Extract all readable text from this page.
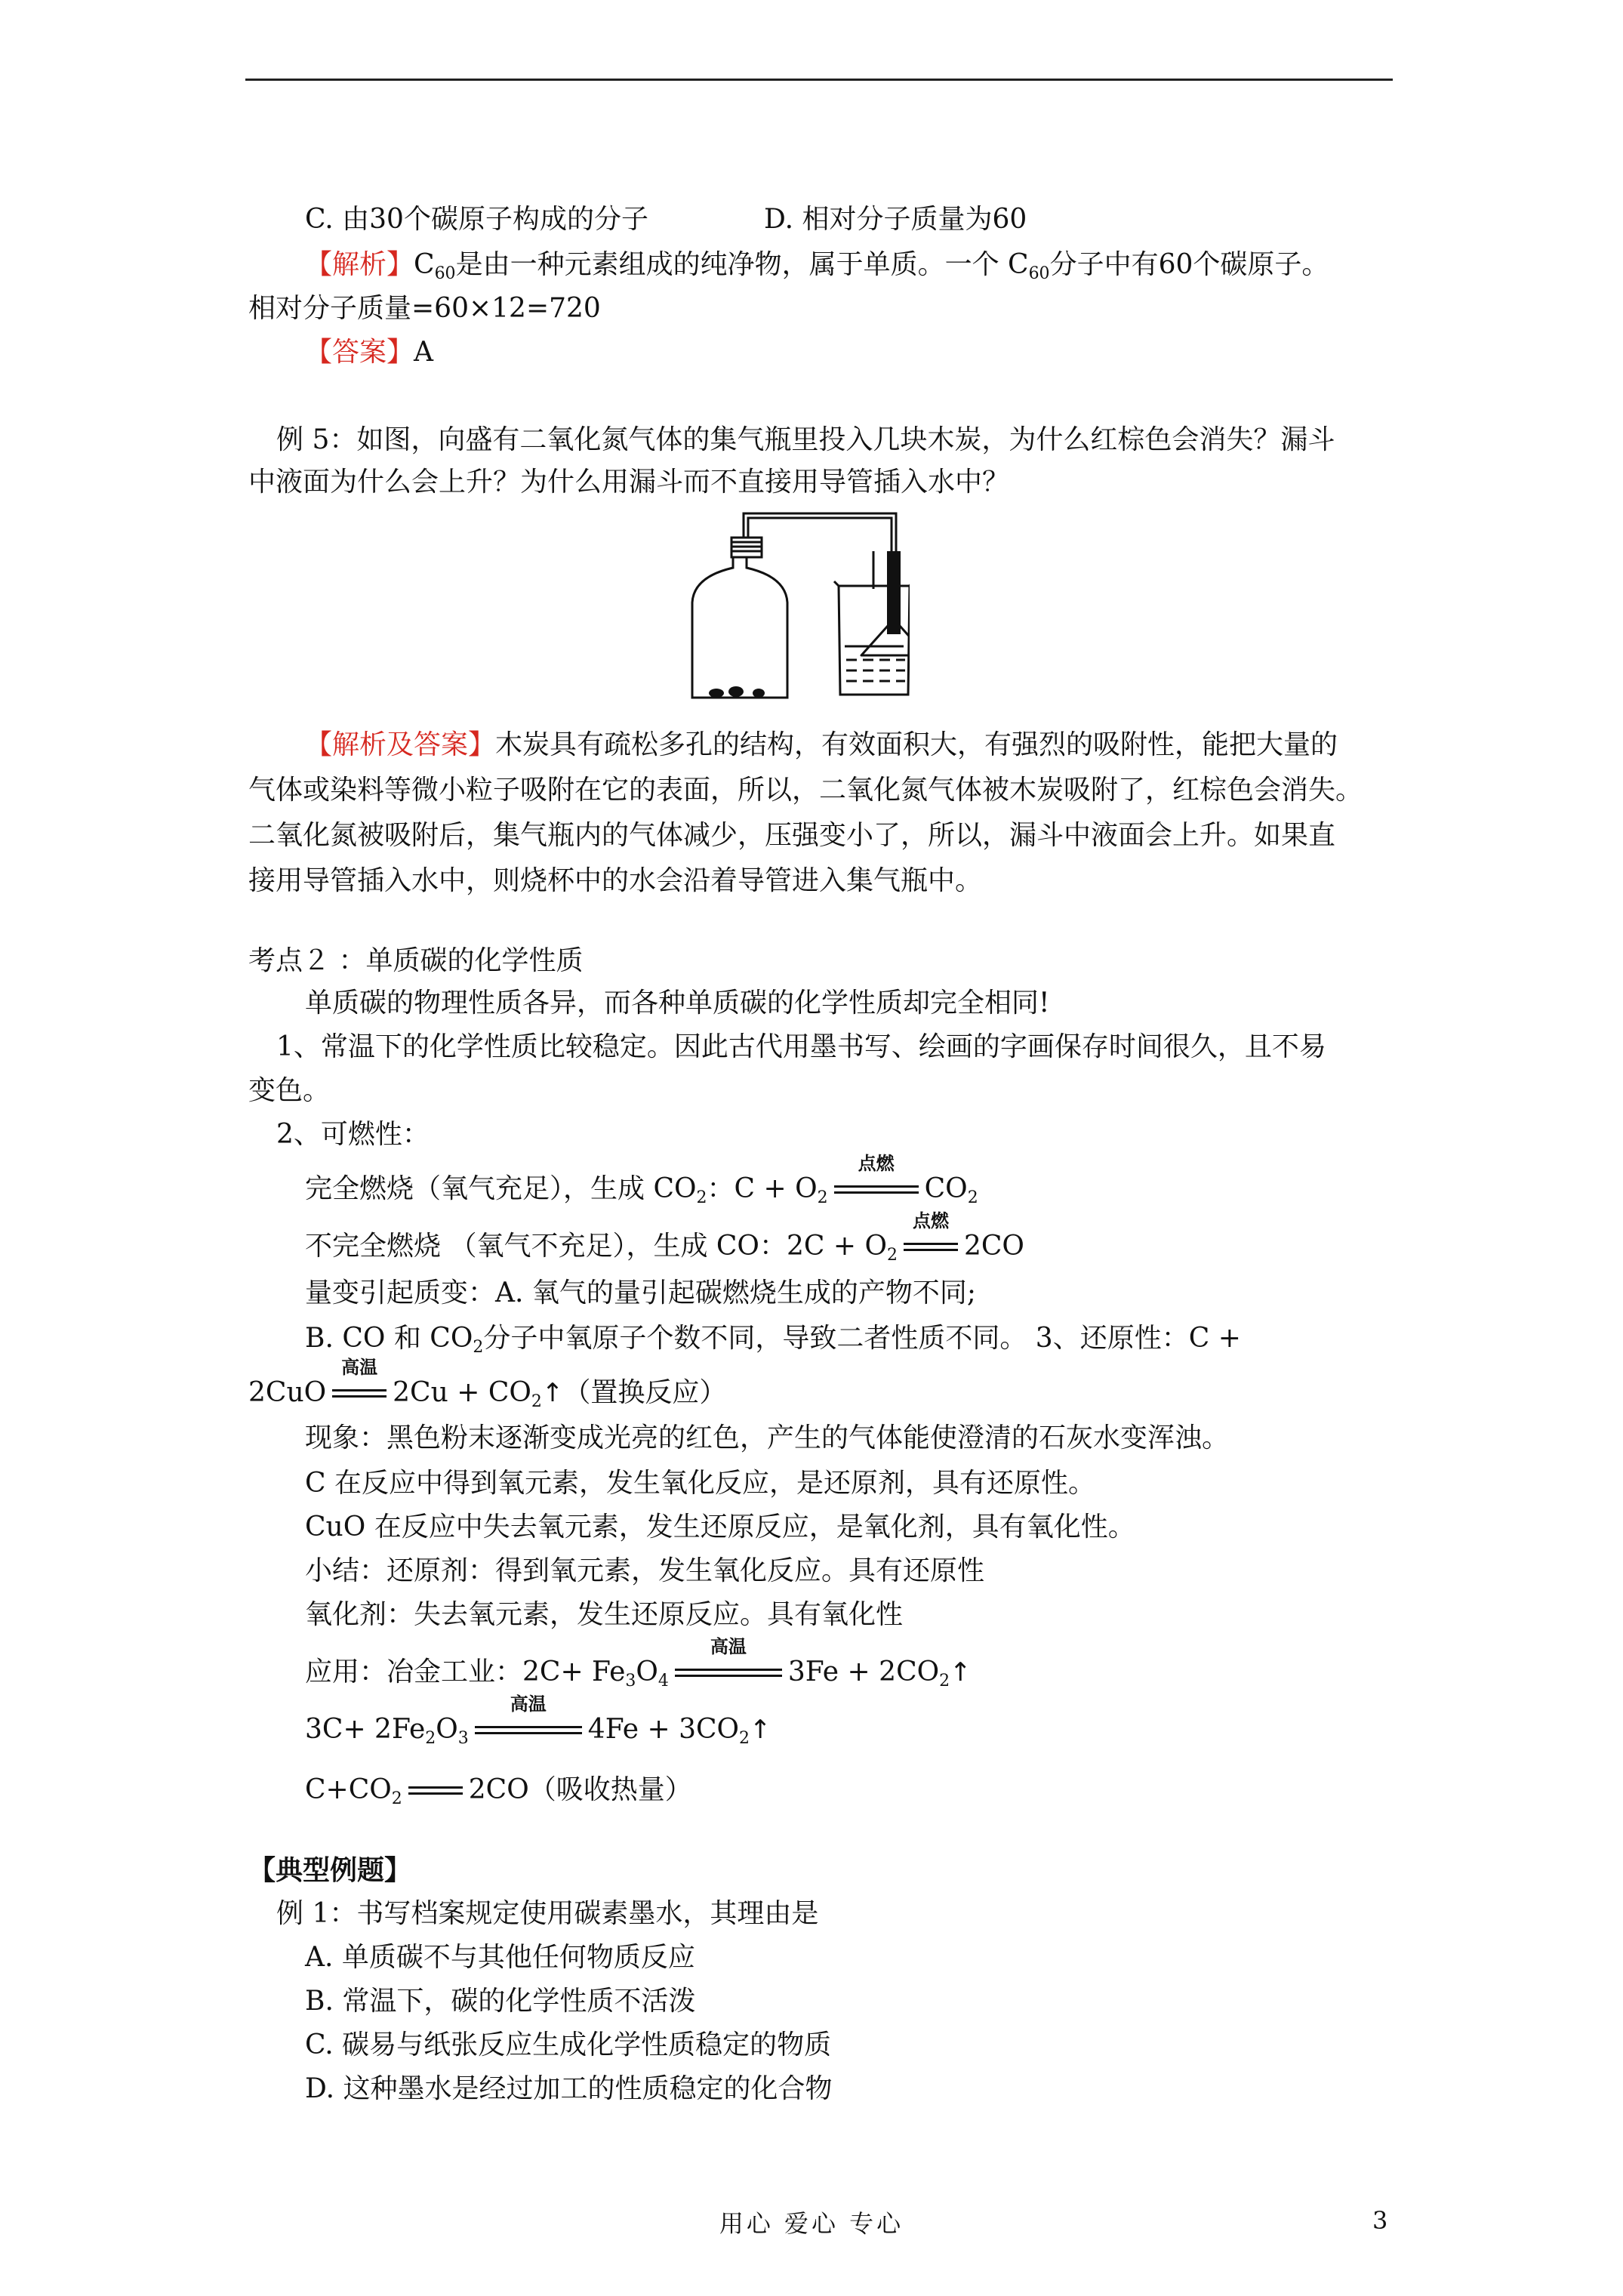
C. 由30个碳原子构成的分子	D. 相对分子质量为60
【解析】$C_{60}$是由一种元素组成的纯净物，属于单质。一个 $C_{60}$分子中有60个碳原子。
相对分子质量=60×12=720
【答案】A
例 5：如图，向盛有二氧化氮气体的集气瓶里投入几块木炭，为什么红棕色会消失？漏斗
中液面为什么会上升？为什么用漏斗而不直接用导管插入水中？
【解析及答案】木炭具有疏松多孔的结构，有效面积大，有强烈的吸附性，能把大量的
气体或染料等微小粒子吸附在它的表面，所以，二氧化氮气体被木炭吸附了，红棕色会消失。
二氧化氮被吸附后，集气瓶内的气体减少，压强变小了，所以，漏斗中液面会上升。如果直
接用导管插入水中，则烧杯中的水会沿着导管进入集气瓶中。
考点２ ：单质碳的化学性质
单质碳的物理性质各异，而各种单质碳的化学性质却完全相同!
1、常温下的化学性质比较稳定。因此古代用墨书写、绘画的字画保存时间很久，且不易
变色。
2、可燃性：
完全燃烧（氧气充足），生成 $CO_2$：$C + O_2$
点燃
$CO_2$
不完全燃烧 （氧气不充足），生成 CO：$2C + O_2$
点燃
2CO
量变引起质变：A. 氧气的量引起碳燃烧生成的产物不同;
B. CO 和 $CO_2$分子中氧原子个数不同，导致二者性质不同。 3、还原性：C +
2CuO
高温
$2Cu + CO_2↑$（置换反应）
现象：黑色粉末逐渐变成光亮的红色，产生的气体能使澄清的石灰水变浑浊。
C 在反应中得到氧元素，发生氧化反应，是还原剂，具有还原性。
CuO 在反应中失去氧元素，发生还原反应，是氧化剂，具有氧化性。
小结：还原剂：得到氧元素，发生氧化反应。具有还原性
氧化剂：失去氧元素，发生还原反应。具有氧化性
应用：冶金工业：$2C+ Fe_3O_4$
高温
$3Fe + 2CO_2↑$
$3C+ 2Fe_2O_3$
高温
$4Fe + 3CO_2↑$
$C+CO_2$ 2CO（吸收热量）
【典型例题】
例 1：书写档案规定使用碳素墨水，其理由是
A. 单质碳不与其他任何物质反应
B. 常温下，碳的化学性质不活泼
C. 碳易与纸张反应生成化学性质稳定的物质
D. 这种墨水是经过加工的性质稳定的化合物
用心 爱心 专心	3
